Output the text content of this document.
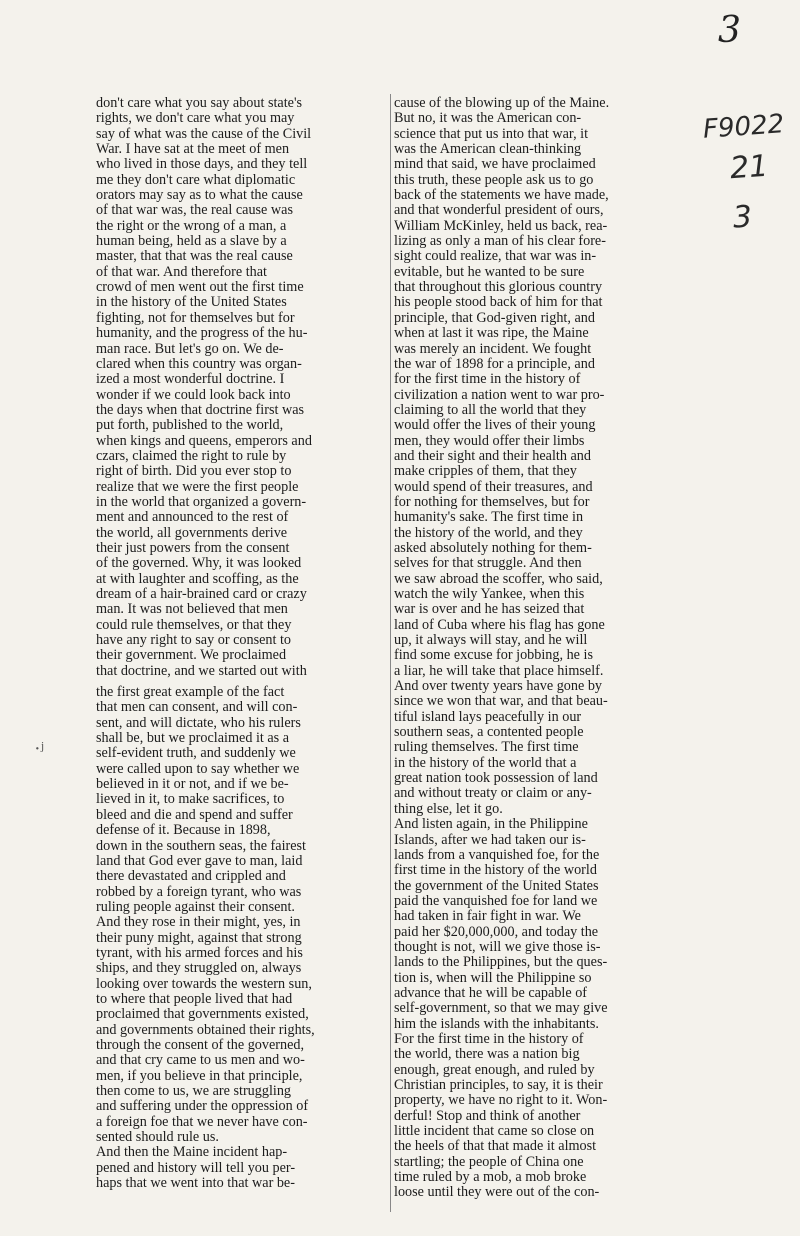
3
F9022
21
3
·ʲ
don't care what you say about state's
rights, we don't care what you may
say of what was the cause of the Civil
War. I have sat at the meet of men
who lived in those days, and they tell
me they don't care what diplomatic
orators may say as to what the cause
of that war was, the real cause was
the right or the wrong of a man, a
human being, held as a slave by a
master, that that was the real cause
of that war. And therefore that
crowd of men went out the first time
in the history of the United States
fighting, not for themselves but for
humanity, and the progress of the hu-
man race. But let's go on. We de-
clared when this country was organ-
ized a most wonderful doctrine. I
wonder if we could look back into
the days when that doctrine first was
put forth, published to the world,
when kings and queens, emperors and
czars, claimed the right to rule by
right of birth. Did you ever stop to
realize that we were the first people
in the world that organized a govern-
ment and announced to the rest of
the world, all governments derive
their just powers from the consent
of the governed. Why, it was looked
at with laughter and scoffing, as the
dream of a hair-brained card or crazy
man. It was not believed that men
could rule themselves, or that they
have any right to say or consent to
their government. We proclaimed
that doctrine, and we started out with
the first great example of the fact
that men can consent, and will con-
sent, and will dictate, who his rulers
shall be, but we proclaimed it as a
self-evident truth, and suddenly we
were called upon to say whether we
believed in it or not, and if we be-
lieved in it, to make sacrifices, to
bleed and die and spend and suffer
defense of it. Because in 1898,
down in the southern seas, the fairest
land that God ever gave to man, laid
there devastated and crippled and
robbed by a foreign tyrant, who was
ruling people against their consent.
And they rose in their might, yes, in
their puny might, against that strong
tyrant, with his armed forces and his
ships, and they struggled on, always
looking over towards the western sun,
to where that people lived that had
proclaimed that governments existed,
and governments obtained their rights,
through the consent of the governed,
and that cry came to us men and wo-
men, if you believe in that principle,
then come to us, we are struggling
and suffering under the oppression of
a foreign foe that we never have con-
sented should rule us.
And then the Maine incident hap-
pened and history will tell you per-
haps that we went into that war be-
cause of the blowing up of the Maine.
But no, it was the American con-
science that put us into that war, it
was the American clean-thinking
mind that said, we have proclaimed
this truth, these people ask us to go
back of the statements we have made,
and that wonderful president of ours,
William McKinley, held us back, rea-
lizing as only a man of his clear fore-
sight could realize, that war was in-
evitable, but he wanted to be sure
that throughout this glorious country
his people stood back of him for that
principle, that God-given right, and
when at last it was ripe, the Maine
was merely an incident. We fought
the war of 1898 for a principle, and
for the first time in the history of
civilization a nation went to war pro-
claiming to all the world that they
would offer the lives of their young
men, they would offer their limbs
and their sight and their health and
make cripples of them, that they
would spend of their treasures, and
for nothing for themselves, but for
humanity's sake. The first time in
the history of the world, and they
asked absolutely nothing for them-
selves for that struggle. And then
we saw abroad the scoffer, who said,
watch the wily Yankee, when this
war is over and he has seized that
land of Cuba where his flag has gone
up, it always will stay, and he will
find some excuse for jobbing, he is
a liar, he will take that place himself.
And over twenty years have gone by
since we won that war, and that beau-
tiful island lays peacefully in our
southern seas, a contented people
ruling themselves. The first time
in the history of the world that a
great nation took possession of land
and without treaty or claim or any-
thing else, let it go.
And listen again, in the Philippine
Islands, after we had taken our is-
lands from a vanquished foe, for the
first time in the history of the world
the government of the United States
paid the vanquished foe for land we
had taken in fair fight in war. We
paid her $20,000,000, and today the
thought is not, will we give those is-
lands to the Philippines, but the ques-
tion is, when will the Philippine so
advance that he will be capable of
self-government, so that we may give
him the islands with the inhabitants.
For the first time in the history of
the world, there was a nation big
enough, great enough, and ruled by
Christian principles, to say, it is their
property, we have no right to it. Won-
derful! Stop and think of another
little incident that came so close on
the heels of that that made it almost
startling; the people of China one
time ruled by a mob, a mob broke
loose until they were out of the con-
